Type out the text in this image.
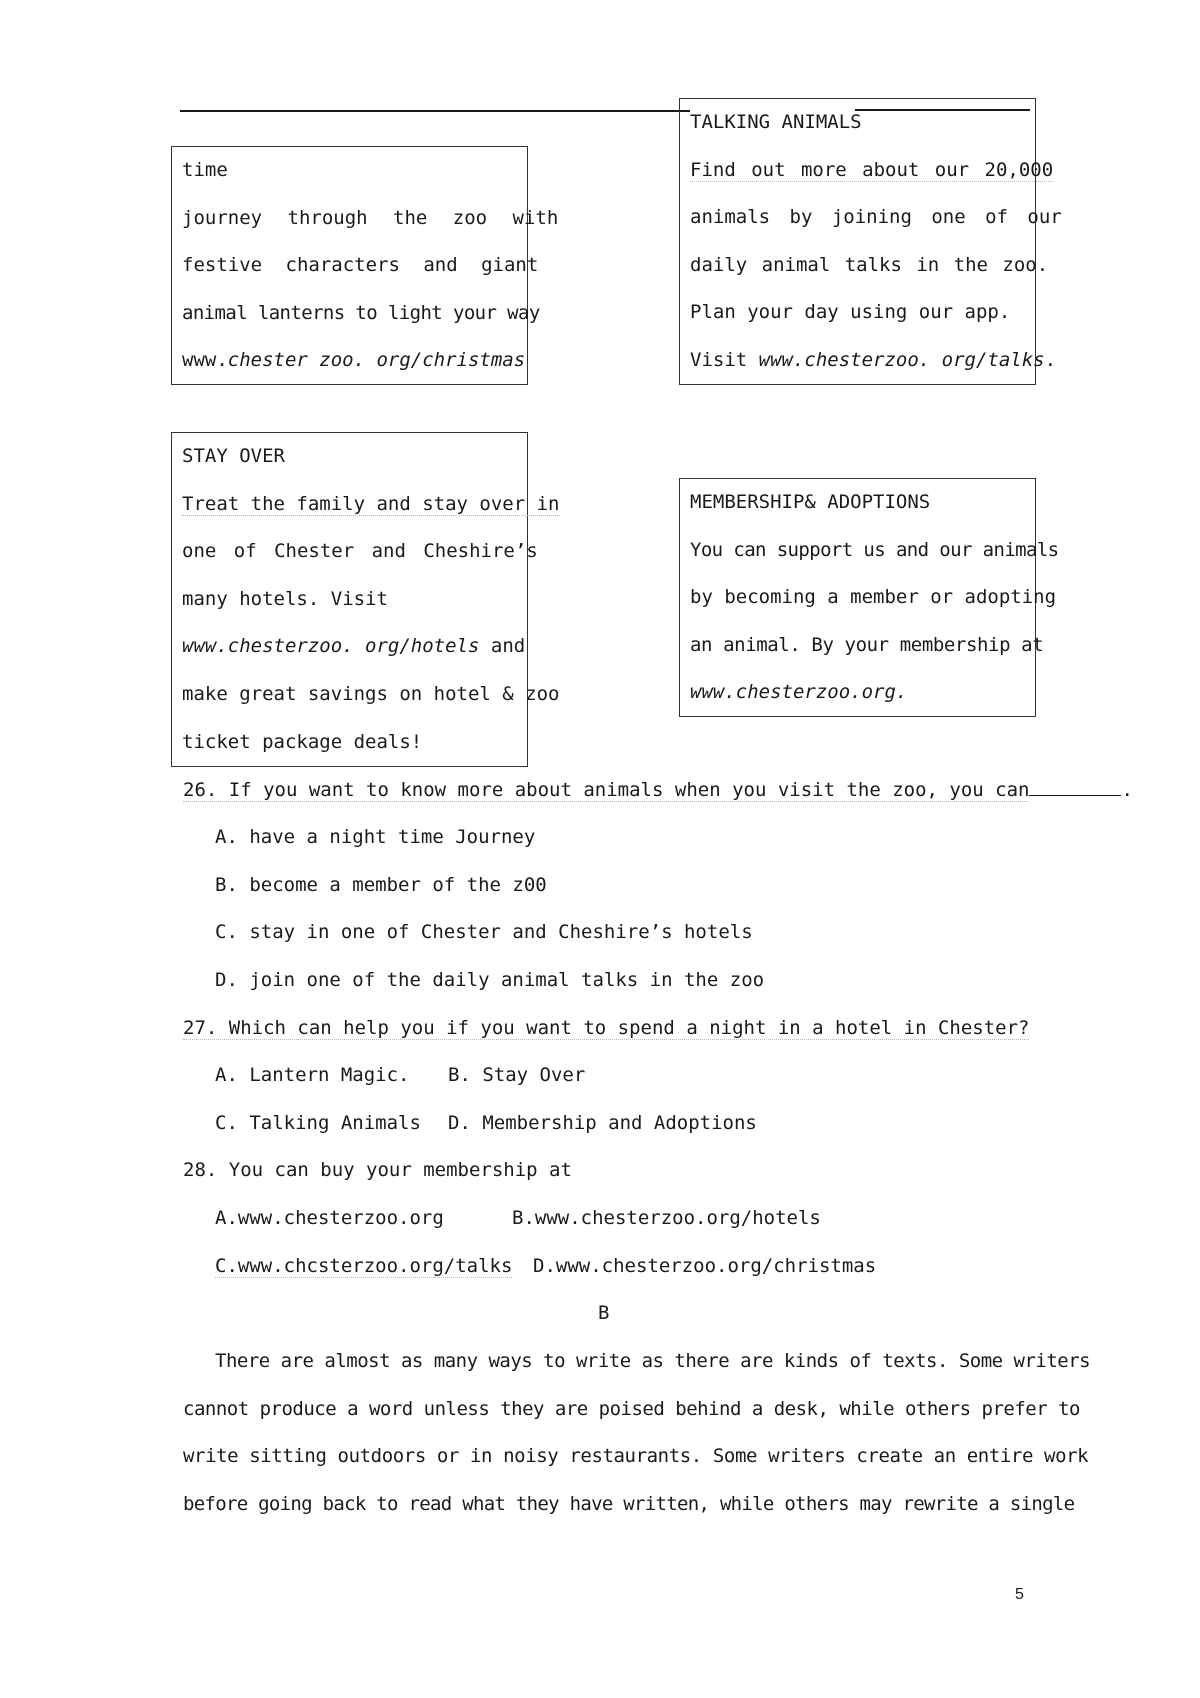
time
journey through the zoo with
festive characters and giant
animal lanterns to light your way
www.chester zoo. org/christmas
TALKING ANIMALS
Find out more about our 20,000
animals by joining one of our
daily animal talks in the zoo.
Plan your day using our app.
Visit www.chesterzoo. org/talks.
STAY OVER
Treat the family and stay over in
one of Chester and Cheshire’s
many hotels. Visit
www.chesterzoo. org/hotels and
make great savings on hotel & zoo
ticket package deals!
MEMBERSHIP& ADOPTIONS
You can support us and our animals
by becoming a member or adopting
an animal. By your membership at
www.chesterzoo.org.
26. If you want to know more about animals when you visit the zoo, you can	.
A. have a night time Journey
B. become a member of the z00
C. stay in one of Chester and Cheshire’s hotels
D. join one of the daily animal talks in the zoo
27. Which can help you if you want to spend a night in a hotel in Chester?
A. Lantern Magic. B. Stay Over
C. Talking Animals D. Membership and Adoptions
28. You can buy your membership at
A.www.chesterzoo.org	B.www.chesterzoo.org/hotels
C.www.chcsterzoo.org/talks D.www.chesterzoo.org/christmas
B
There are almost as many ways to write as there are kinds of texts. Some writers
cannot produce a word unless they are poised behind a desk, while others prefer to
write sitting outdoors or in noisy restaurants. Some writers create an entire work
before going back to read what they have written, while others may rewrite a single
5
